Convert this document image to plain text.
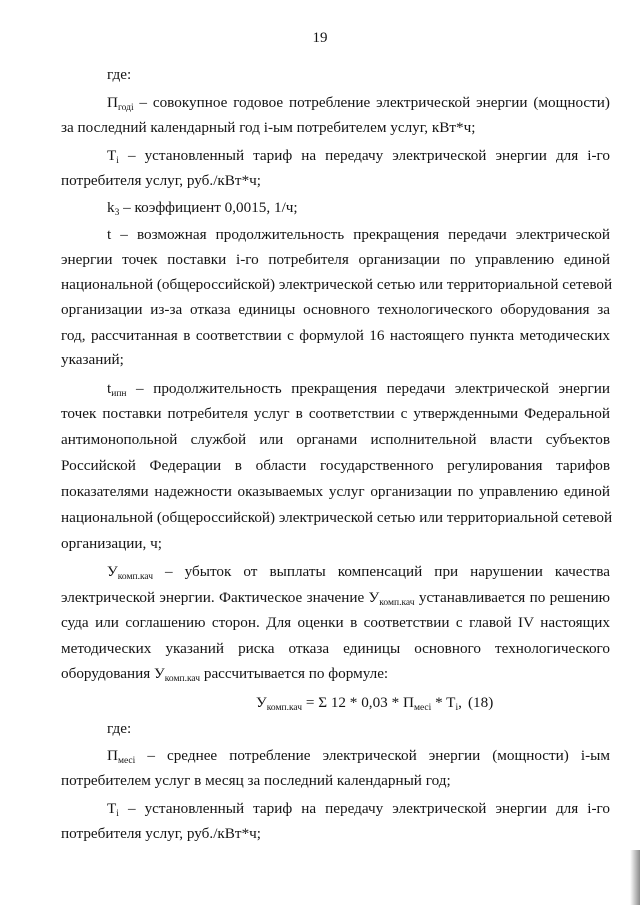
19
где:
$П_{годi}$ – совокупное годовое потребление электрической энергии (мощности)
за последний календарный год i-ым потребителем услуг, кВт*ч;
$T_i$ – установленный тариф на передачу электрической энергии для i-го
потребителя услуг, руб./кВт*ч;
$k_3$ – коэффициент 0,0015, 1/ч;
t – возможная продолжительность прекращения передачи электрической
энергии точек поставки i-го потребителя организации по управлению единой
национальной (общероссийской) электрической сетью или территориальной сетевой
организации из-за отказа единицы основного технологического оборудования за
год, рассчитанная в соответствии с формулой 16 настоящего пункта методических
указаний;
$t_{ипн}$ – продолжительность прекращения передачи электрической энергии
точек поставки потребителя услуг в соответствии с утвержденными Федеральной
антимонопольной службой или органами исполнительной власти субъектов
Российской Федерации в области государственного регулирования тарифов
показателями надежности оказываемых услуг организации по управлению единой
национальной (общероссийской) электрической сетью или территориальной сетевой
организации, ч;
$У_{комп.кач}$ – убыток от выплаты компенсаций при нарушении качества
электрической энергии. Фактическое значение $У_{комп.кач}$ устанавливается по решению
суда или соглашению сторон. Для оценки в соответствии с главой IV настоящих
методических указаний риска отказа единицы основного технологического
оборудования $У_{комп.кач}$ рассчитывается по формуле:
$У_{комп.кач} = \Sigma$ $12 * 0,03 * П_{месi} * T_i$, (18)
где:
$П_{месi}$ – среднее потребление электрической энергии (мощности) i-ым
потребителем услуг в месяц за последний календарный год;
$T_i$ – установленный тариф на передачу электрической энергии для i-го
потребителя услуг, руб./кВт*ч;
